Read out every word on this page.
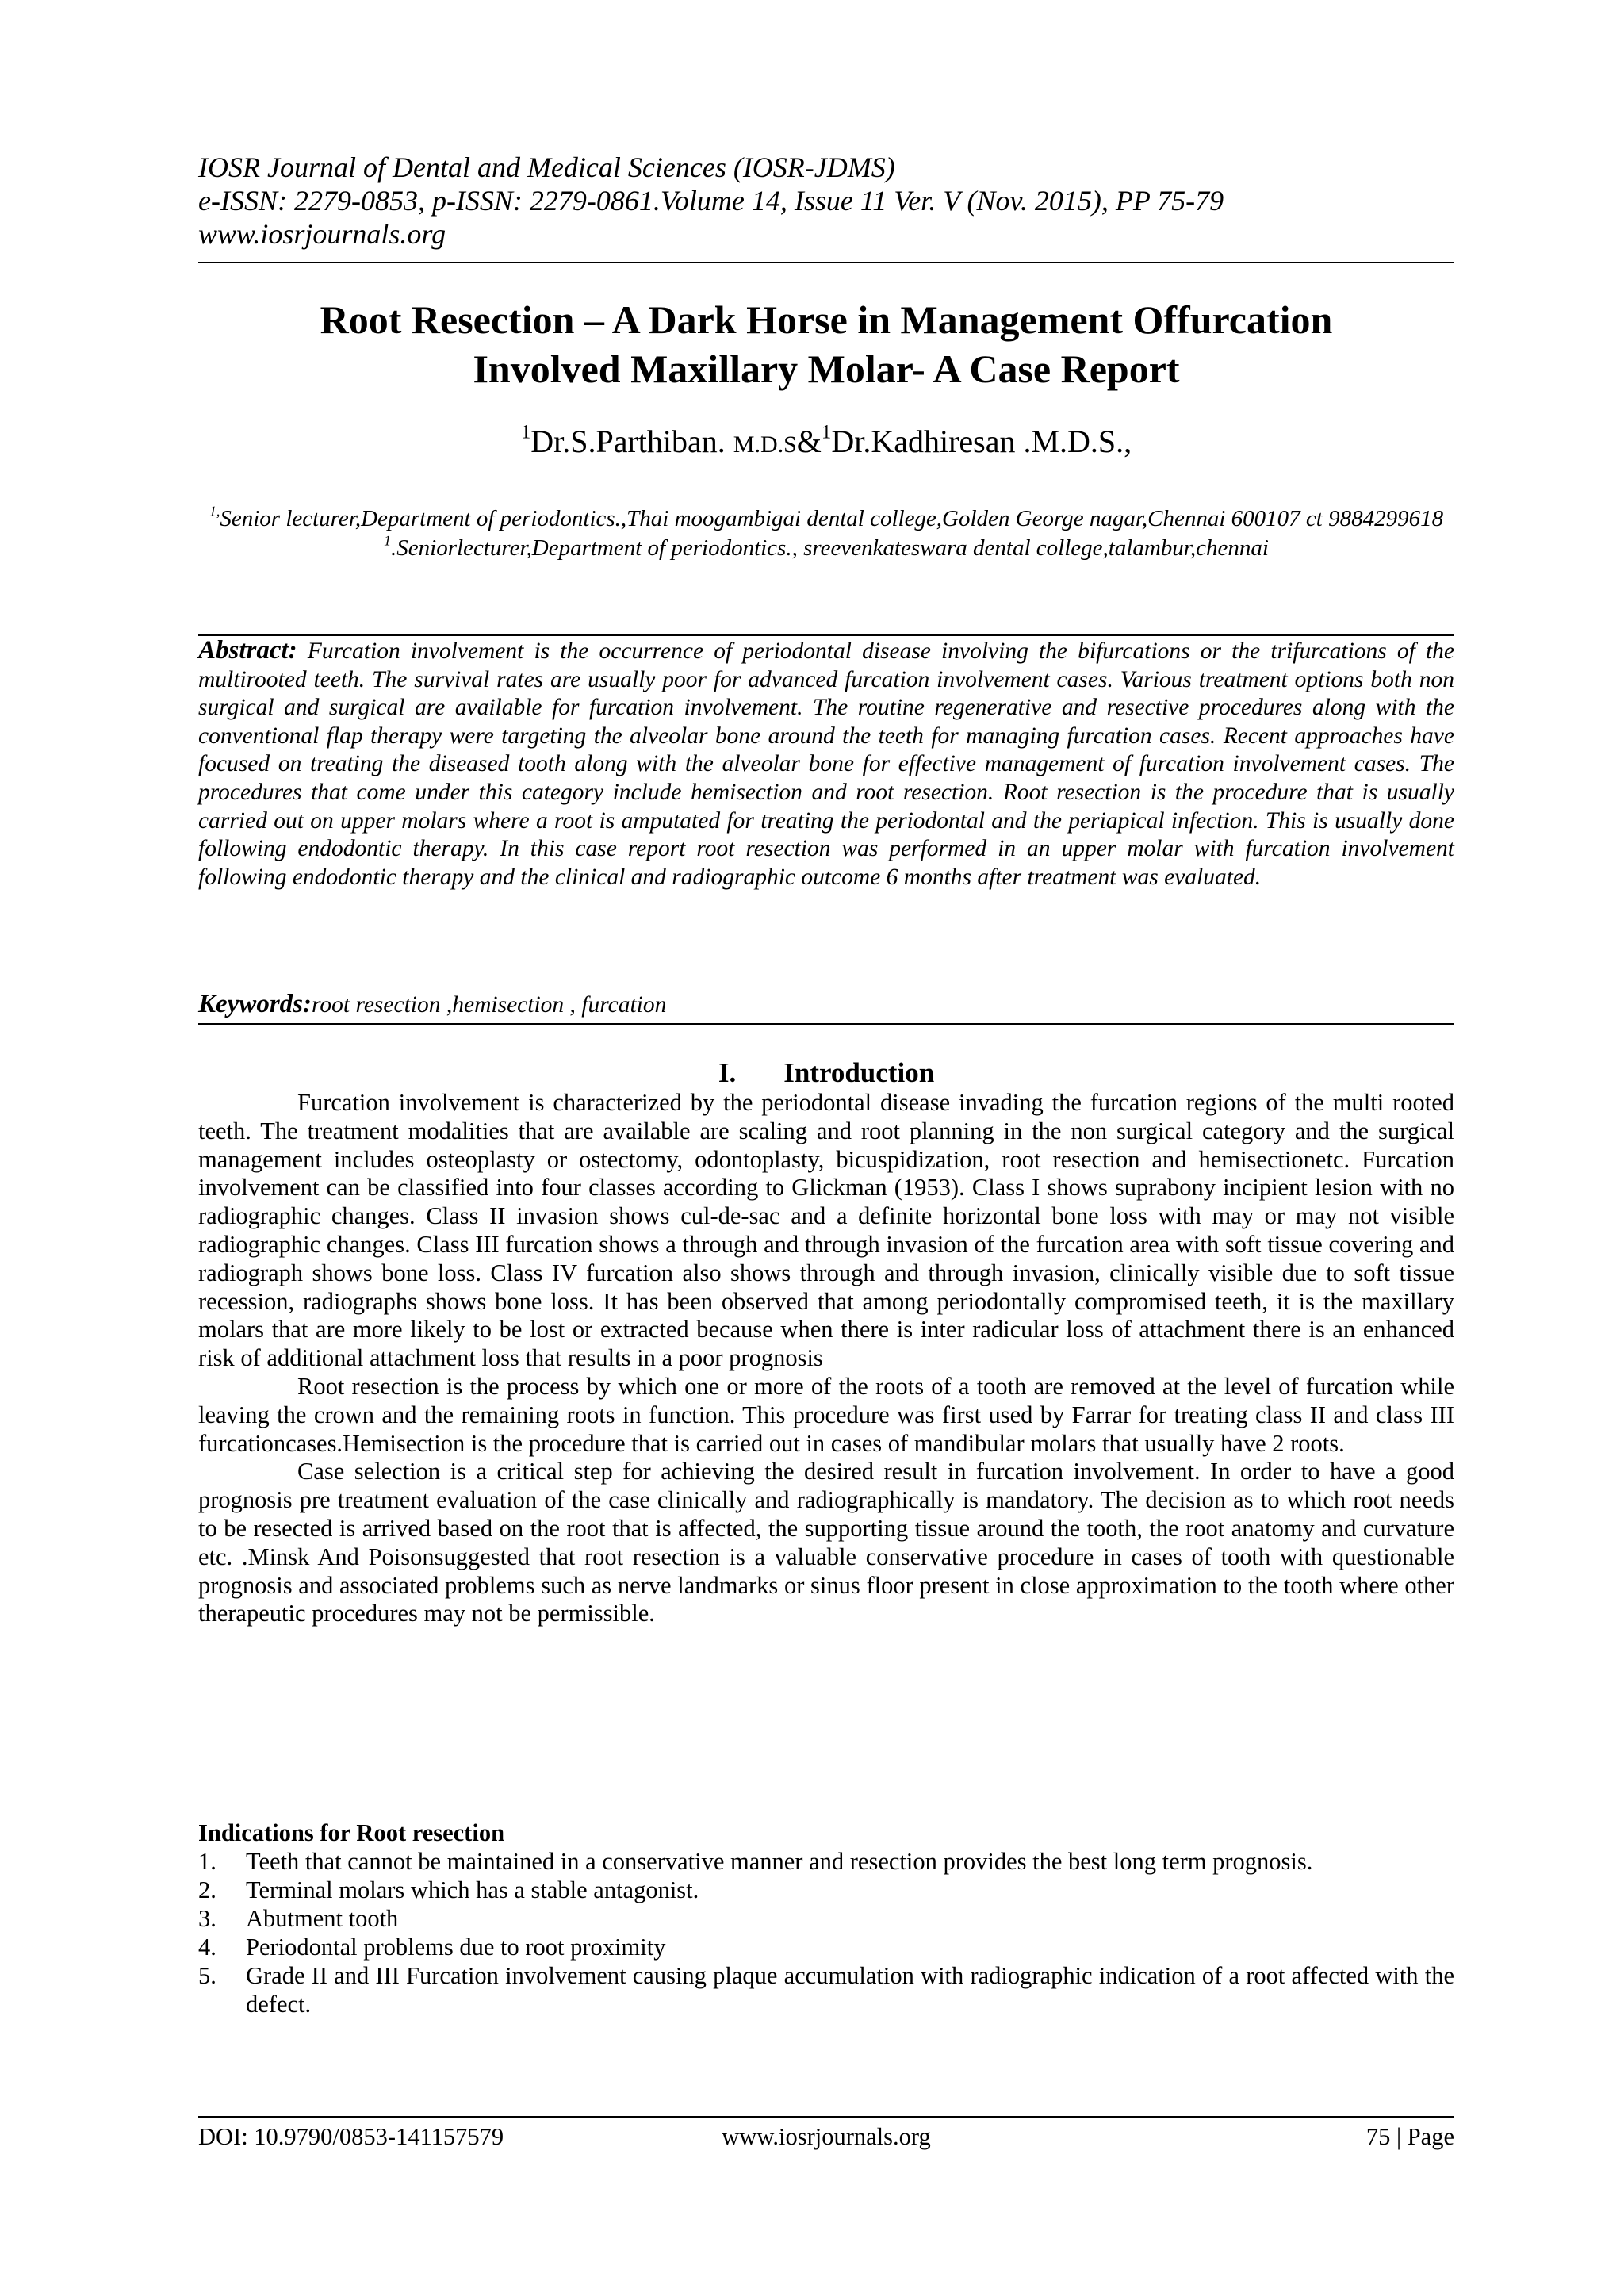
IOSR Journal of Dental and Medical Sciences (IOSR-JDMS)
e-ISSN: 2279-0853, p-ISSN: 2279-0861.Volume 14, Issue 11 Ver. V (Nov. 2015), PP 75-79
www.iosrjournals.org
Root Resection – A Dark Horse in Management Offurcation
Involved Maxillary Molar- A Case Report
$^1$Dr.S.Parthiban. M.D.S&$^1$Dr.Kadhiresan .M.D.S.,

$^{1,}$Senior lecturer,Department of periodontics.,Thai moogambigai dental college,Golden George nagar,Chennai 600107 ct 9884299618

$^1$.Seniorlecturer,Department of periodontics., sreevenkateswara dental college,talambur,chennai

Abstract: Furcation involvement is the occurrence of periodontal disease involving the bifurcations or the trifurcations of the multirooted teeth. The survival rates are usually poor for advanced furcation involvement cases. Various treatment options both non surgical and surgical are available for furcation involvement. The routine regenerative and resective procedures along with the conventional flap therapy were targeting the alveolar bone around the teeth for managing furcation cases. Recent approaches have focused on treating the diseased tooth along with the alveolar bone for effective management of furcation involvement cases. The procedures that come under this category include hemisection and root resection. Root resection is the procedure that is usually carried out on upper molars where a root is amputated for treating the periodontal and the periapical infection. This is usually done following endodontic therapy. In this case report root resection was performed in an upper molar with furcation involvement following endodontic therapy and the clinical and radiographic outcome 6 months after treatment was evaluated.
Keywords:root resection ,hemisection , furcation
I. Introduction

Furcation involvement is characterized by the periodontal disease invading the furcation regions of the multi rooted teeth. The treatment modalities that are available are scaling and root planning in the non surgical category and the surgical management includes osteoplasty or ostectomy, odontoplasty, bicuspidization, root resection and hemisectionetc. Furcation involvement can be classified into four classes according to Glickman (1953). Class I shows suprabony incipient lesion with no radiographic changes. Class II invasion shows cul-de-sac and a definite horizontal bone loss with may or may not visible radiographic changes. Class III furcation shows a through and through invasion of the furcation area with soft tissue covering and radiograph shows bone loss. Class IV furcation also shows through and through invasion, clinically visible due to soft tissue recession, radiographs shows bone loss. It has been observed that among periodontally compromised teeth, it is the maxillary molars that are more likely to be lost or extracted because when there is inter radicular loss of attachment there is an enhanced risk of additional attachment loss that results in a poor prognosis

Root resection is the process by which one or more of the roots of a tooth are removed at the level of furcation while leaving the crown and the remaining roots in function. This procedure was first used by Farrar for treating class II and class III furcationcases.Hemisection is the procedure that is carried out in cases of mandibular molars that usually have 2 roots.

Case selection is a critical step for achieving the desired result in furcation involvement. In order to have a good prognosis pre treatment evaluation of the case clinically and radiographically is mandatory. The decision as to which root needs to be resected is arrived based on the root that is affected, the supporting tissue around the tooth, the root anatomy and curvature etc. .Minsk And Poisonsuggested that root resection is a valuable conservative procedure in cases of tooth with questionable prognosis and associated problems such as nerve landmarks or sinus floor present in close approximation to the tooth where other therapeutic procedures may not be permissible.

Indications for Root resection
1. Teeth that cannot be maintained in a conservative manner and resection provides the best long term prognosis.
2. Terminal molars which has a stable antagonist.
3. Abutment tooth
4. Periodontal problems due to root proximity
5. Grade II and III Furcation involvement causing plaque accumulation with radiographic indication of a root affected with the defect.
DOI: 10.9790/0853-141157579	www.iosrjournals.org	75 | Page
